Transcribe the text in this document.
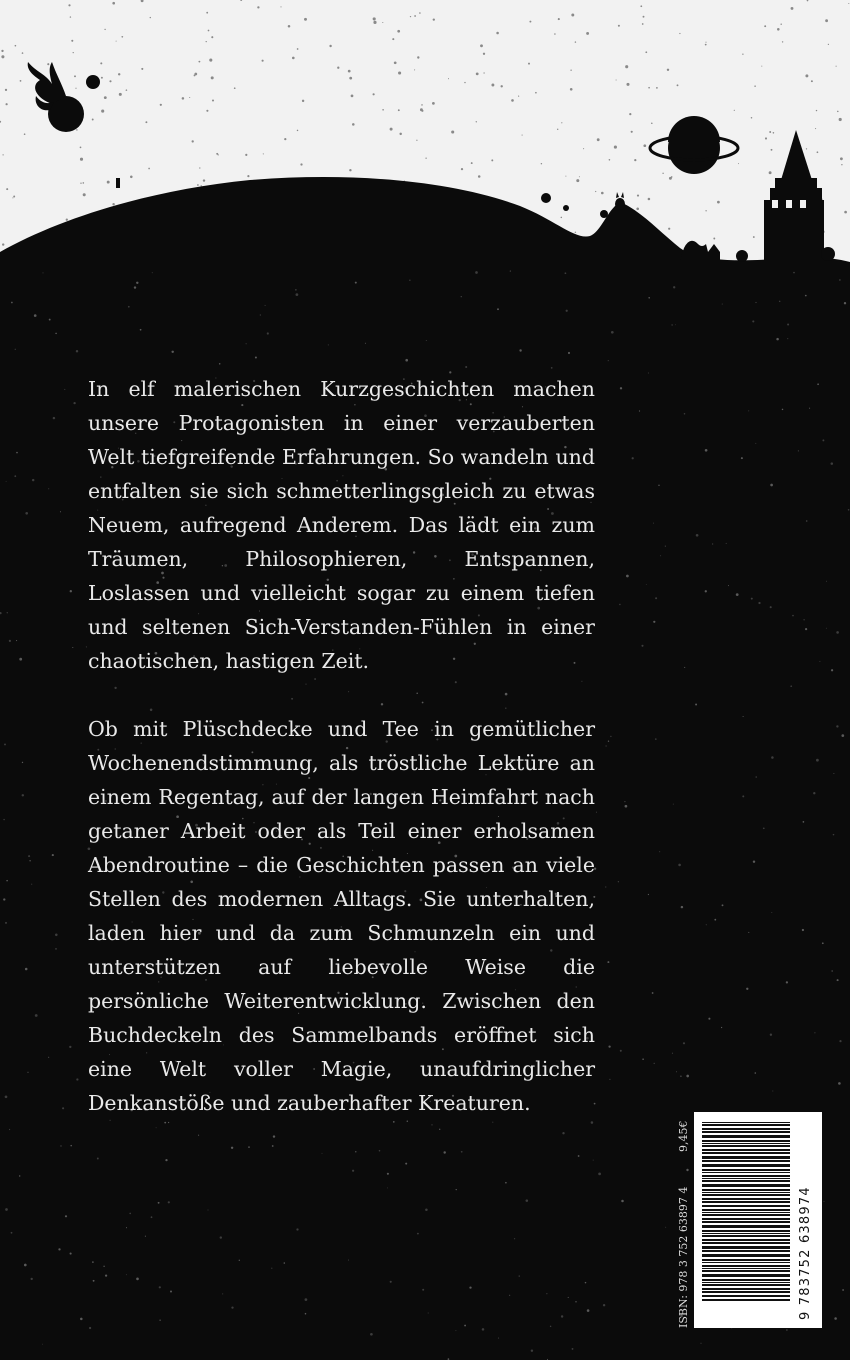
In elf malerischen Kurzgeschichten machen unsere Protagonisten in einer verzauberten Welt tiefgreifende Erfahrungen. So wandeln und entfalten sie sich schmetterlingsgleich zu etwas Neuem, aufregend Anderem. Das lädt ein zum Träumen, Philosophieren, Entspannen, Loslassen und vielleicht sogar zu einem tiefen und seltenen Sich-Verstanden-Fühlen in einer chaotischen, hastigen Zeit.

Ob mit Plüschdecke und Tee in gemütlicher Wochenendstimmung, als tröstliche Lektüre an einem Regentag, auf der langen Heimfahrt nach getaner Arbeit oder als Teil einer erholsamen Abendroutine – die Geschichten passen an viele Stellen des modernen Alltags. Sie unterhalten, laden hier und da zum Schmunzeln ein und unterstützen auf liebevolle Weise die persönliche Weiterentwicklung. Zwischen den Buchdeckeln des Sammelbands eröffnet sich eine Welt voller Magie, unaufdringlicher Denkanstöße und zauberhafter Kreaturen.

ISBN: 978 3 752 63897 4
9,45€
9 783752 638974
